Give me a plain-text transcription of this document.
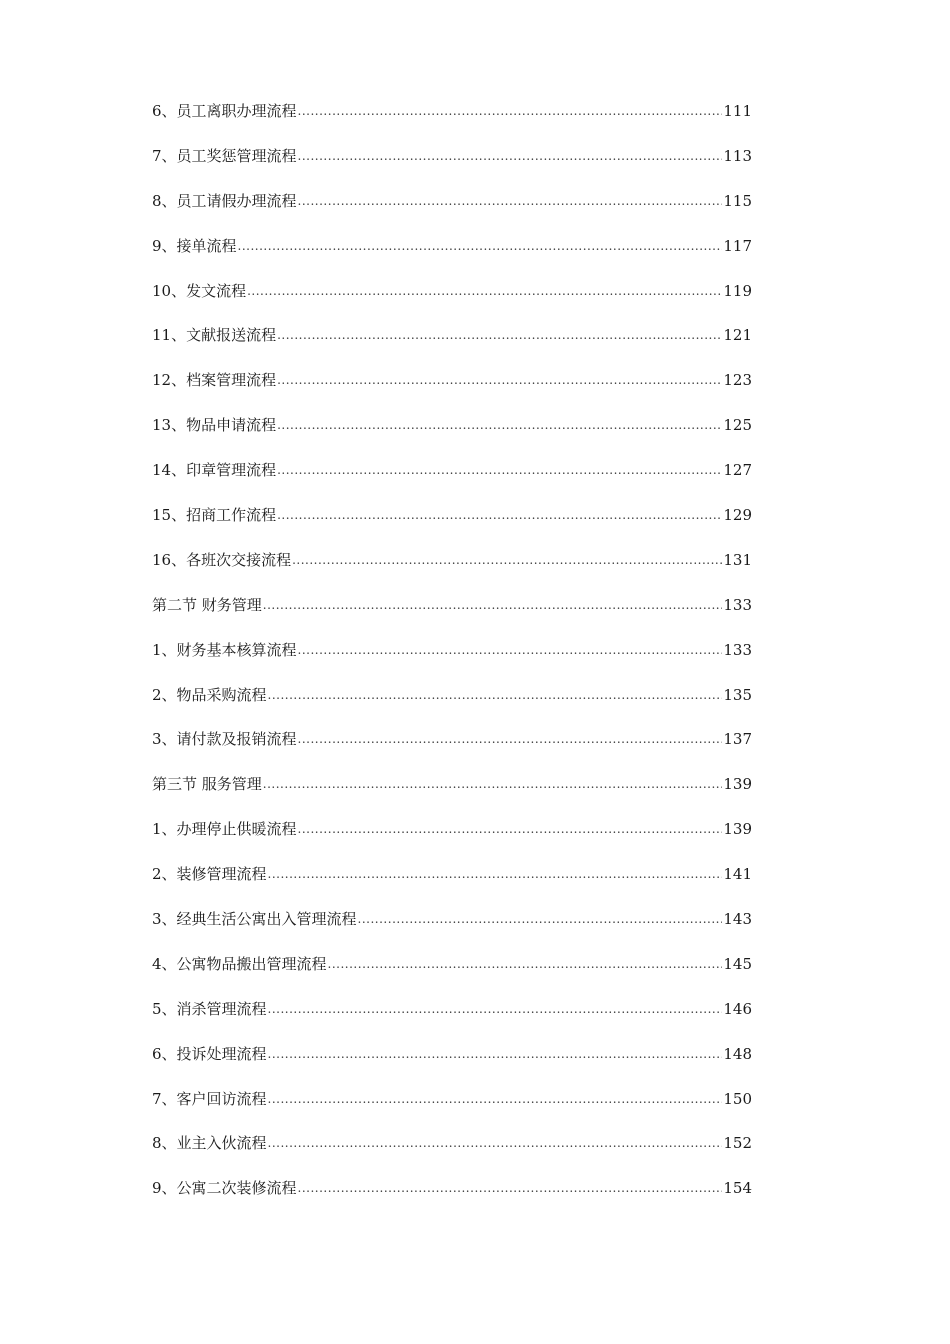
6、员工离职办理流程 .....	111
7、员工奖惩管理流程 .....	113
8、员工请假办理流程 .....	115
9、接单流程 .....	117
10、发文流程 .....	119
11、文献报送流程 .....	121
12、档案管理流程 .....	123
13、物品申请流程 .....	125
14、印章管理流程 .....	127
15、招商工作流程 .....	129
16、各班次交接流程 .....	131
第二节 财务管理 .....	133
1、财务基本核算流程 .....	133
2、物品采购流程 .....	135
3、请付款及报销流程 .....	137
第三节 服务管理 .....	139
1、办理停止供暖流程 .....	139
2、装修管理流程 .....	141
3、经典生活公寓出入管理流程 .....	143
4、公寓物品搬出管理流程 .....	145
5、消杀管理流程 .....	146
6、投诉处理流程 .....	148
7、客户回访流程 .....	150
8、业主入伙流程 .....	152
9、公寓二次装修流程 .....	154
